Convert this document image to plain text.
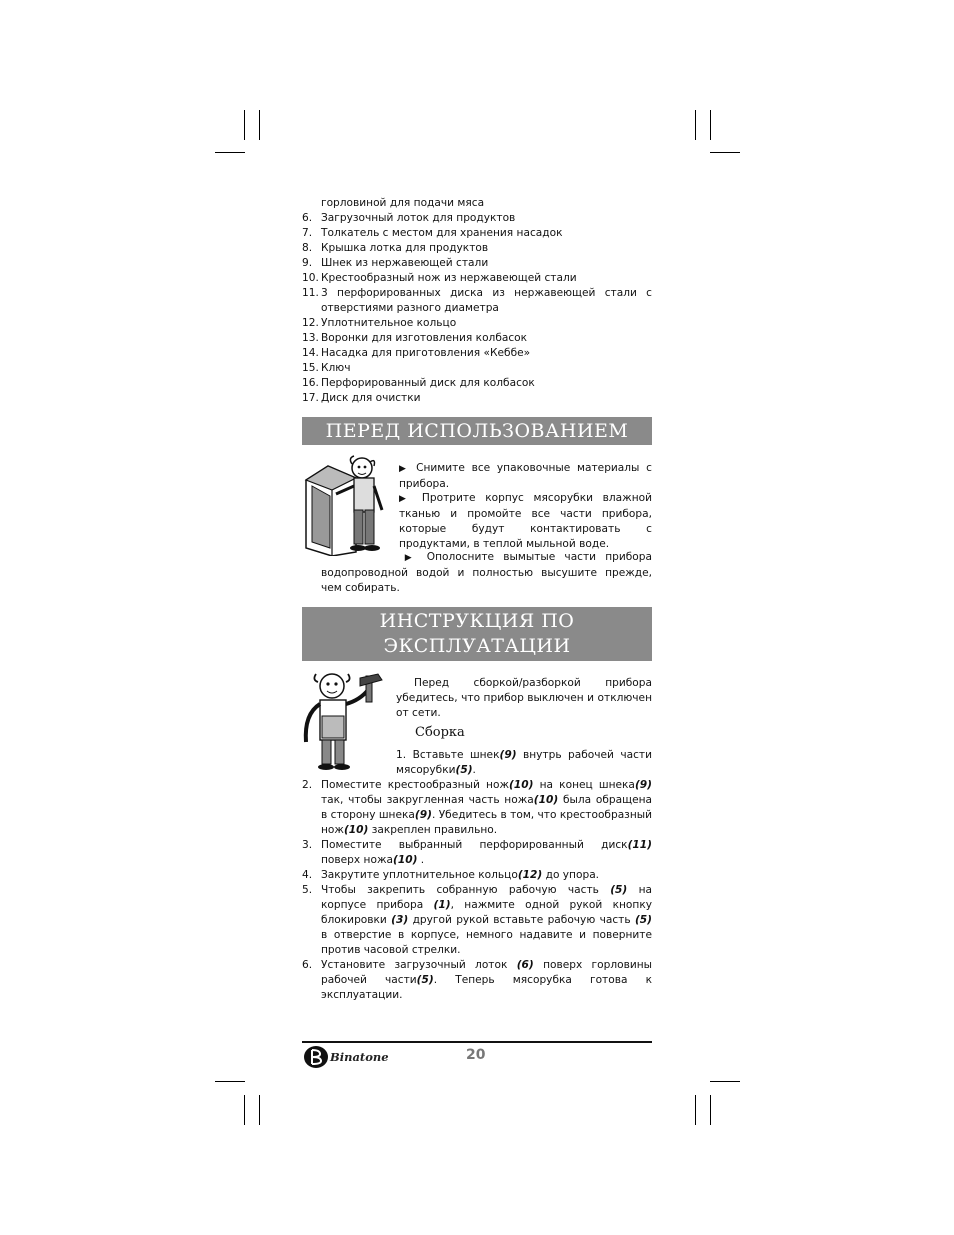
горловиной для подачи мяса
6. Загрузочный лоток для продуктов
7. Толкатель с местом для хранения насадок
8. Крышка лотка для продуктов
9. Шнек из нержавеющей стали
10. Крестообразный нож из нержавеющей стали
11. 3 перфорированных диска из нержавеющей стали с отверстиями разного диаметра
12. Уплотнительное кольцо
13. Воронки для изготовления колбасок
14. Насадка для приготовления «Кеббе»
15. Ключ
16. Перфорированный диск для колбасок
17. Диск для очистки
ПЕРЕД ИСПОЛЬЗОВАНИЕМ
▶ Снимите все упаковочные материалы с прибора.
▶ Протрите корпус мясорубки влажной тканью и промойте все части прибора, которые будут контактировать с продуктами, в теплой мыльной воде.
▶ Ополосните вымытые части прибора водопроводной водой и полностью высушите прежде, чем собирать.
ИНСТРУКЦИЯ ПО
ЭКСПЛУАТАЦИИ
Перед сборкой/разборкой прибора убедитесь, что прибор выключен и отключен от сети.
Сборка
1. Вставьте шнек(9) внутрь рабочей части мясорубки(5).
2. Поместите крестообразный нож(10) на конец шнека(9) так, чтобы закругленная часть ножа(10) была обращена в сторону шнека(9). Убедитесь в том, что крестообразный нож(10) закреплен правильно.
3. Поместите выбранный перфорированный диск(11) поверх ножа(10) .
4. Закрутите уплотнительное кольцо(12) до упора.
5. Чтобы закрепить собранную рабочую часть (5) на корпусе прибора (1), нажмите одной рукой кнопку блокировки (3) другой рукой вставьте рабочую часть (5) в отверстие в корпусе, немного надавите и поверните против часовой стрелки.
6. Установите загрузочный лоток (6) поверх горловины рабочей части(5). Теперь мясорубка готова к эксплуатации.
Binatone	20
